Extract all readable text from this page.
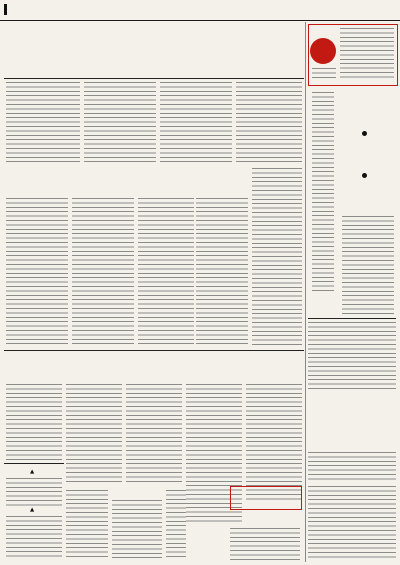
▲
▲
